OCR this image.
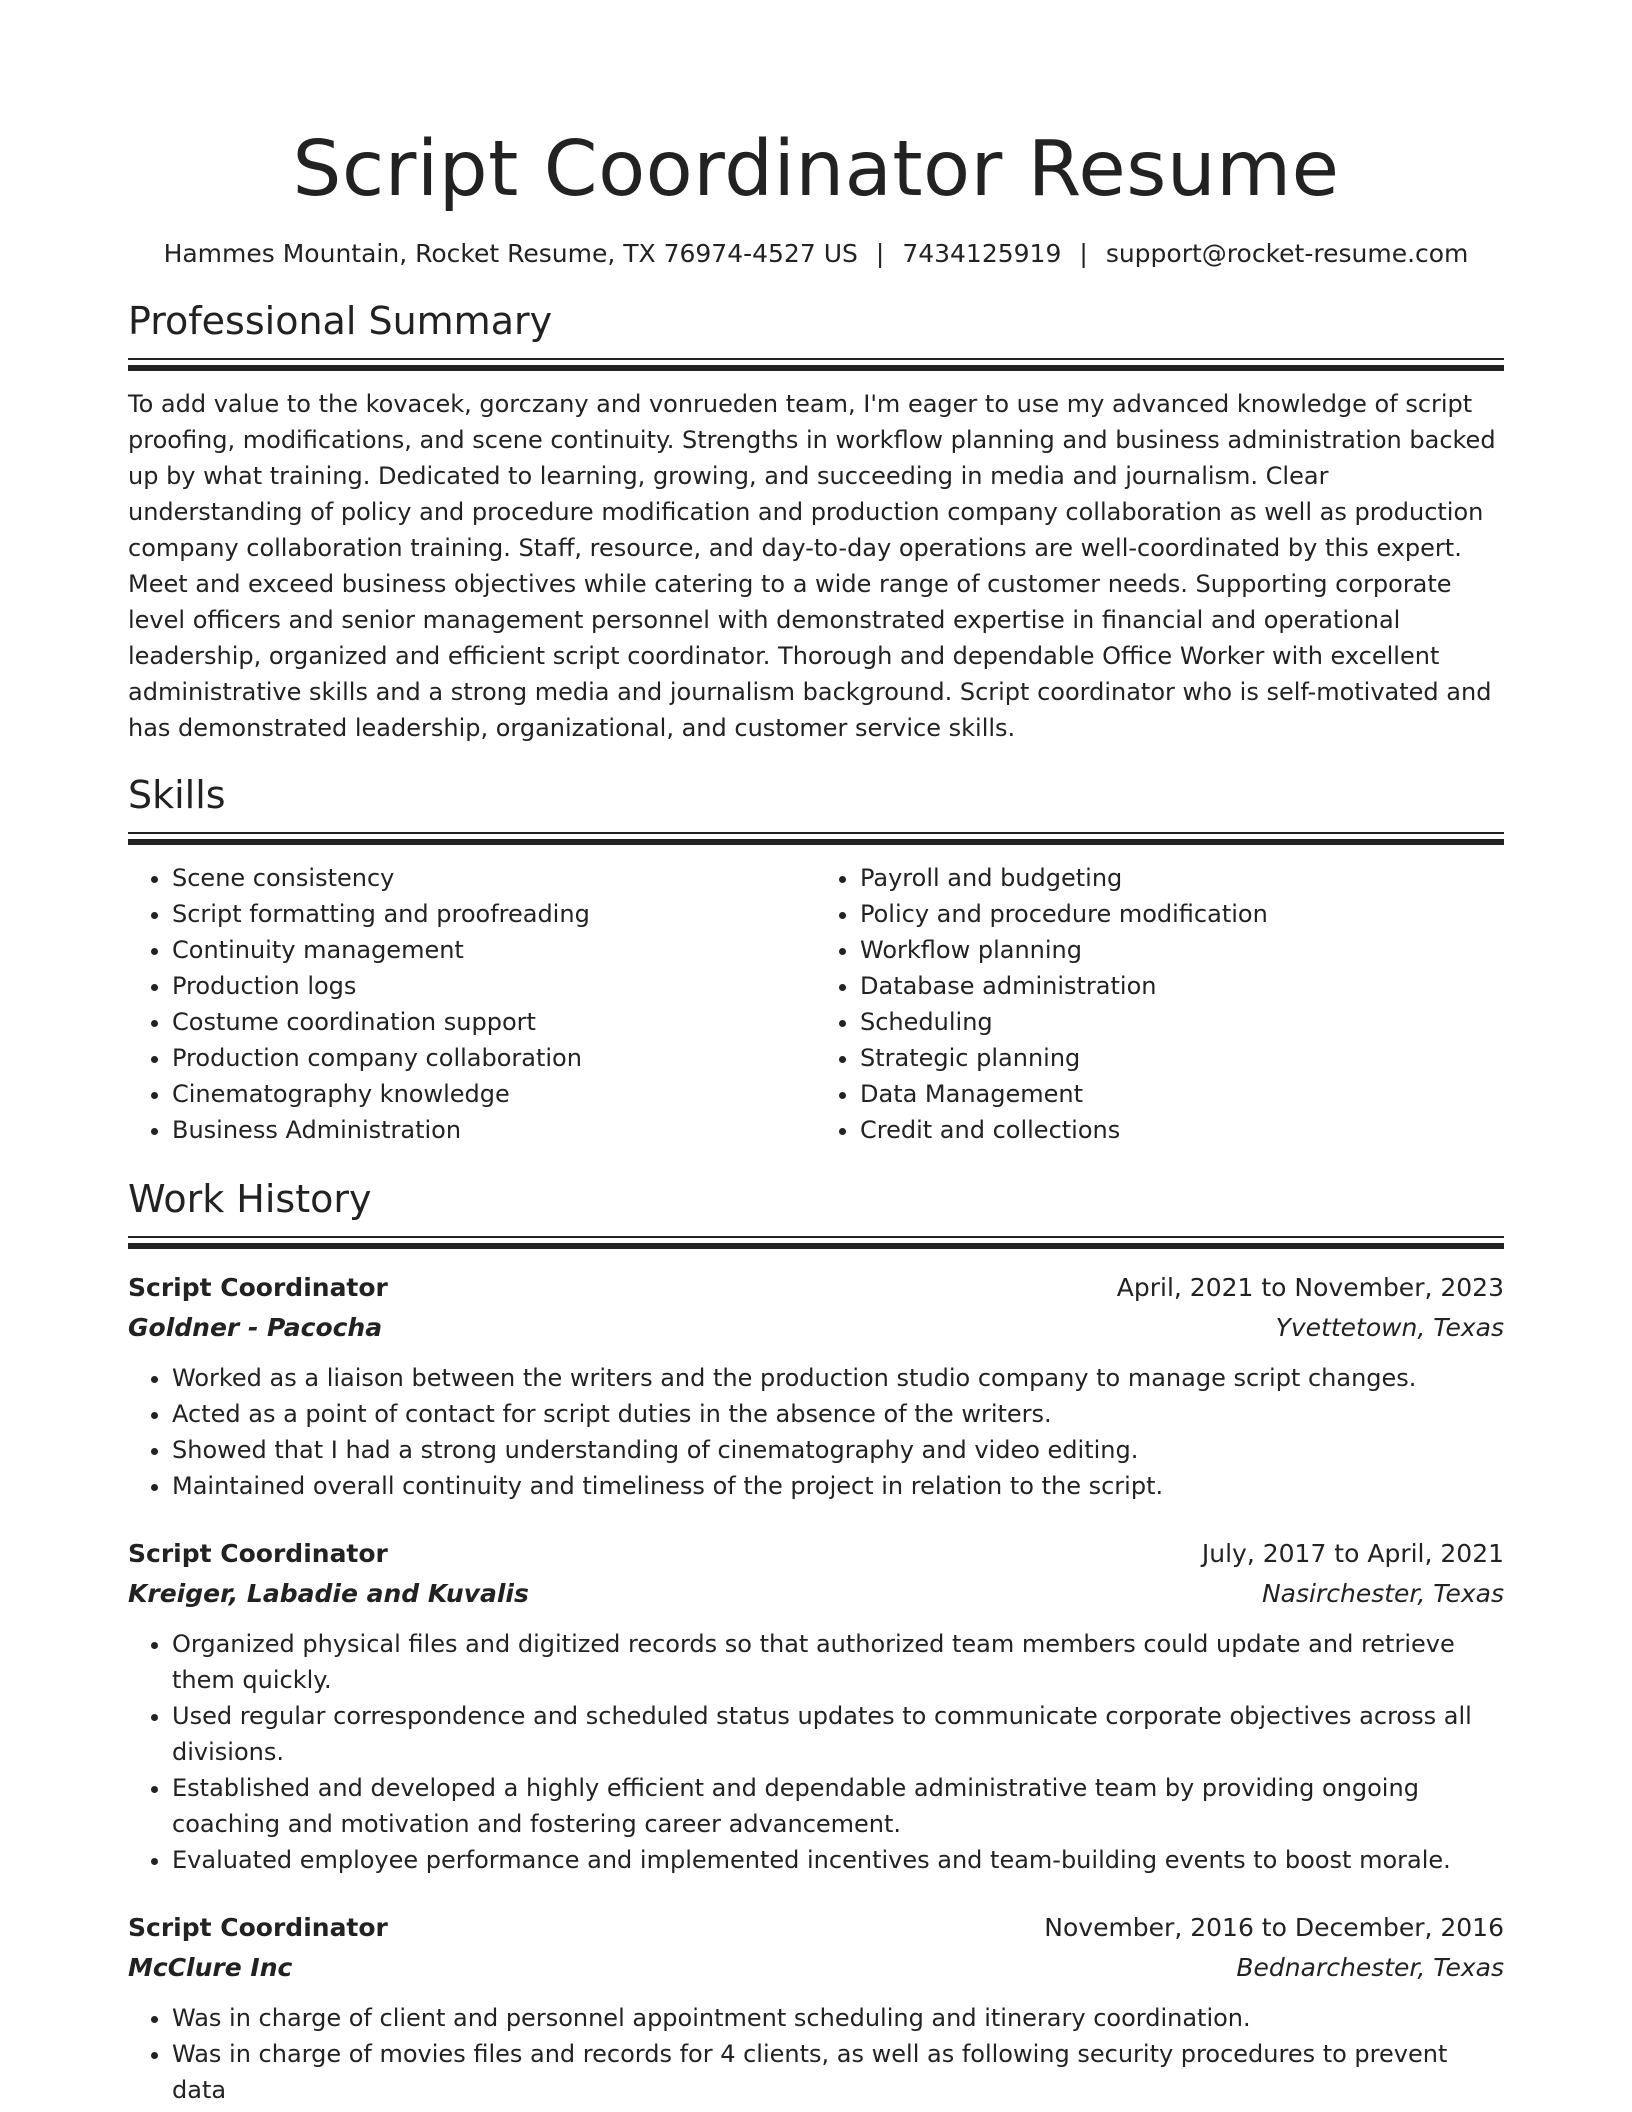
Script Coordinator Resume
Hammes Mountain, Rocket Resume, TX 76974-4527 US | 7434125919 | support@rocket-resume.com
Professional Summary

To add value to the kovacek, gorczany and vonrueden team, I'm eager to use my advanced knowledge of script proofing, modifications, and scene continuity. Strengths in workflow planning and business administration backed up by what training. Dedicated to learning, growing, and succeeding in media and journalism. Clear understanding of policy and procedure modification and production company collaboration as well as production company collaboration training. Staff, resource, and day-to-day operations are well-coordinated by this expert. Meet and exceed business objectives while catering to a wide range of customer needs. Supporting corporate level officers and senior management personnel with demonstrated expertise in financial and operational leadership, organized and efficient script coordinator. Thorough and dependable Office Worker with excellent administrative skills and a strong media and journalism background. Script coordinator who is self-motivated and has demonstrated leadership, organizational, and customer service skills.

Skills
• Scene consistency
• Script formatting and proofreading
• Continuity management
• Production logs
• Costume coordination support
• Production company collaboration
• Cinematography knowledge
• Business Administration
• Payroll and budgeting
• Policy and procedure modification
• Workflow planning
• Database administration
• Scheduling
• Strategic planning
• Data Management
• Credit and collections
Work History
Script Coordinator	April, 2021 to November, 2023
Goldner - Pacocha	Yvettetown, Texas
• Worked as a liaison between the writers and the production studio company to manage script changes.
• Acted as a point of contact for script duties in the absence of the writers.
• Showed that I had a strong understanding of cinematography and video editing.
• Maintained overall continuity and timeliness of the project in relation to the script.
Script Coordinator	July, 2017 to April, 2021
Kreiger, Labadie and Kuvalis	Nasirchester, Texas
• Organized physical files and digitized records so that authorized team members could update and retrieve them quickly.
• Used regular correspondence and scheduled status updates to communicate corporate objectives across all divisions.
• Established and developed a highly efficient and dependable administrative team by providing ongoing coaching and motivation and fostering career advancement.
• Evaluated employee performance and implemented incentives and team-building events to boost morale.
Script Coordinator	November, 2016 to December, 2016
McClure Inc	Bednarchester, Texas
• Was in charge of client and personnel appointment scheduling and itinerary coordination.
• Was in charge of movies files and records for 4 clients, as well as following security procedures to prevent data
